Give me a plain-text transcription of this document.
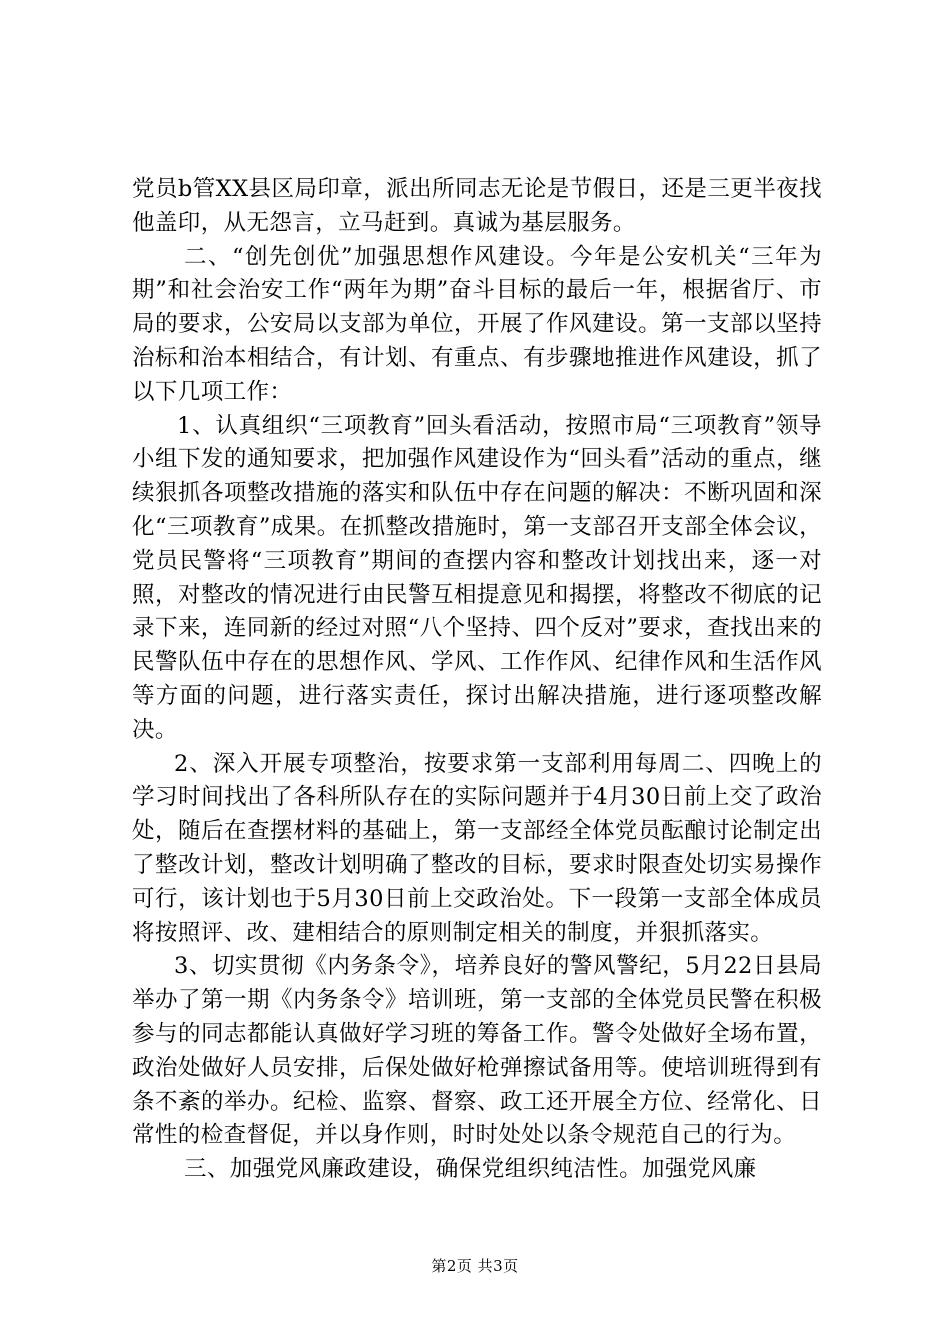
党员b管XX县区局印章，派出所同志无论是节假日，还是三更半夜找他盖印，从无怨言，立马赶到。真诚为基层服务。

二、“创先创优”加强思想作风建设。今年是公安机关“三年为期”和社会治安工作“两年为期”奋斗目标的最后一年，根据省厅、市局的要求，公安局以支部为单位，开展了作风建设。第一支部以坚持治标和治本相结合，有计划、有重点、有步骤地推进作风建设，抓了以下几项工作：

1、认真组织“三项教育”回头看活动，按照市局“三项教育”领导小组下发的通知要求，把加强作风建设作为“回头看”活动的重点，继续狠抓各项整改措施的落实和队伍中存在问题的解决：不断巩固和深化“三项教育”成果。在抓整改措施时，第一支部召开支部全体会议，党员民警将“三项教育”期间的查摆内容和整改计划找出来，逐一对照，对整改的情况进行由民警互相提意见和揭摆，将整改不彻底的记录下来，连同新的经过对照“八个坚持、四个反对”要求，查找出来的民警队伍中存在的思想作风、学风、工作作风、纪律作风和生活作风等方面的问题，进行落实责任，探讨出解决措施，进行逐项整改解决。

2、深入开展专项整治，按要求第一支部利用每周二、四晚上的学习时间找出了各科所队存在的实际问题并于4月30日前上交了政治处，随后在查摆材料的基础上，第一支部经全体党员酝酿讨论制定出了整改计划，整改计划明确了整改的目标，要求时限查处切实易操作可行，该计划也于5月30日前上交政治处。下一段第一支部全体成员将按照评、改、建相结合的原则制定相关的制度，并狠抓落实。

3、切实贯彻《内务条令》，培养良好的警风警纪，5月22日县局举办了第一期《内务条令》培训班，第一支部的全体党员民警在积极参与的同志都能认真做好学习班的筹备工作。警令处做好全场布置，政治处做好人员安排，后保处做好枪弹擦试备用等。使培训班得到有条不紊的举办。纪检、监察、督察、政工还开展全方位、经常化、日常性的检查督促，并以身作则，时时处处以条令规范自己的行为。

三、加强党风廉政建设，确保党组织纯洁性。加强党风廉

第2页 共3页
